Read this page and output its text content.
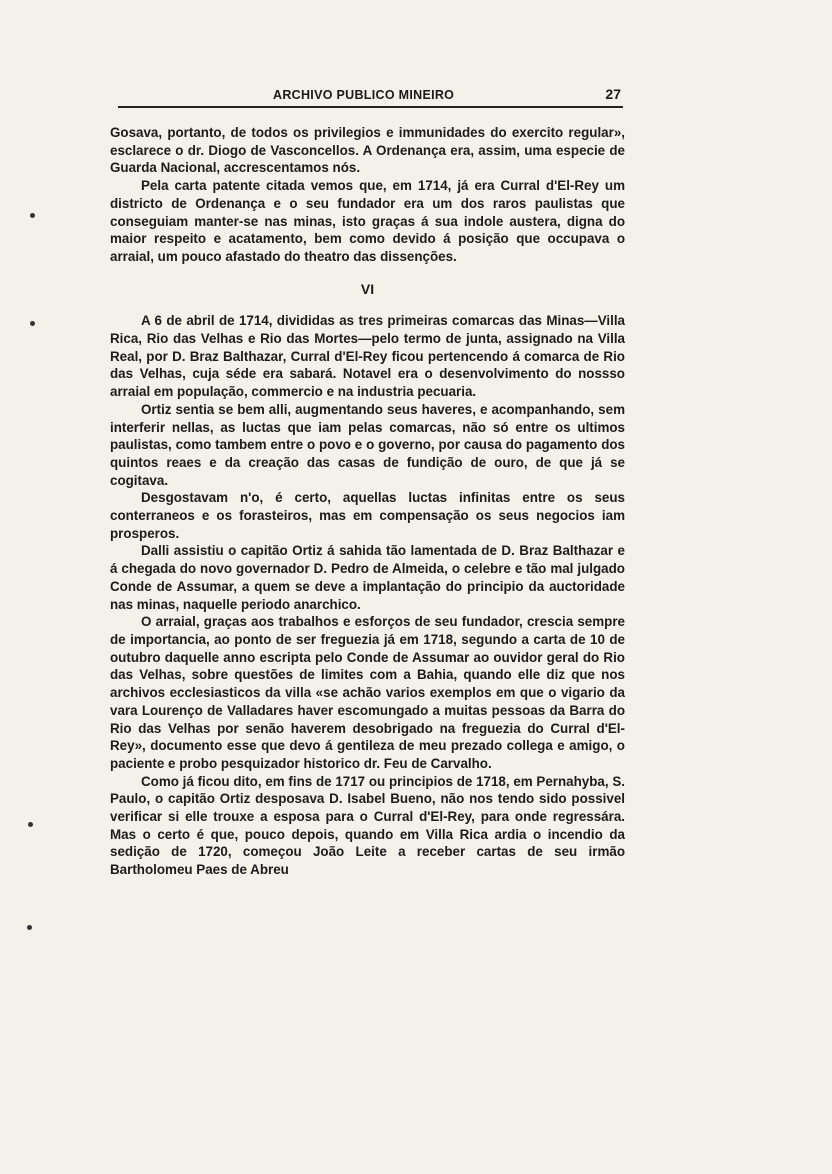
ARCHIVO PUBLICO MINEIRO	27

Gosava, portanto, de todos os privilegios e immunidades do exercito regular», esclarece o dr. Diogo de Vasconcellos. A Ordenança era, assim, uma especie de Guarda Nacional, accrescentamos nós.

Pela carta patente citada vemos que, em 1714, já era Curral d'El-Rey um districto de Ordenança e o seu fundador era um dos raros paulistas que conseguiam manter-se nas minas, isto graças á sua indole austera, digna do maior respeito e acatamento, bem como devido á posição que occupava o arraial, um pouco afastado do theatro das dissenções.

VI

A 6 de abril de 1714, divididas as tres primeiras comarcas das Minas—Villa Rica, Rio das Velhas e Rio das Mortes—pelo termo de junta, assignado na Villa Real, por D. Braz Balthazar, Curral d'El-Rey ficou pertencendo á comarca de Rio das Velhas, cuja séde era sabará. Notavel era o desenvolvimento do nossso arraial em população, commercio e na industria pecuaria.

Ortiz sentia se bem alli, augmentando seus haveres, e acompanhando, sem interferir nellas, as luctas que iam pelas comarcas, não só entre os ultimos paulistas, como tambem entre o povo e o governo, por causa do pagamento dos quintos reaes e da creação das casas de fundição de ouro, de que já se cogitava.

Desgostavam n'o, é certo, aquellas luctas infinitas entre os seus conterraneos e os forasteiros, mas em compensação os seus negocios iam prosperos.

Dalli assistiu o capitão Ortiz á sahida tão lamentada de D. Braz Balthazar e á chegada do novo governador D. Pedro de Almeida, o celebre e tão mal julgado Conde de Assumar, a quem se deve a implantação do principio da auctoridade nas minas, naquelle periodo anarchico.

O arraial, graças aos trabalhos e esforços de seu fundador, crescia sempre de importancia, ao ponto de ser freguezia já em 1718, segundo a carta de 10 de outubro daquelle anno escripta pelo Conde de Assumar ao ouvidor geral do Rio das Velhas, sobre questões de limites com a Bahia, quando elle diz que nos archivos ecclesiasticos da villa «se achão varios exemplos em que o vigario da vara Lourenço de Valladares haver escomungado a muitas pessoas da Barra do Rio das Velhas por senão haverem desobrigado na freguezia do Curral d'El-Rey», documento esse que devo á gentileza de meu prezado collega e amigo, o paciente e probo pesquizador historico dr. Feu de Carvalho.

Como já ficou dito, em fins de 1717 ou principios de 1718, em Pernahyba, S. Paulo, o capitão Ortiz desposava D. Isabel Bueno, não nos tendo sido possivel verificar si elle trouxe a esposa para o Curral d'El-Rey, para onde regressára. Mas o certo é que, pouco depois, quando em Villa Rica ardia o incendio da sedição de 1720, começou João Leite a receber cartas de seu irmão Bartholomeu Paes de Abreu
